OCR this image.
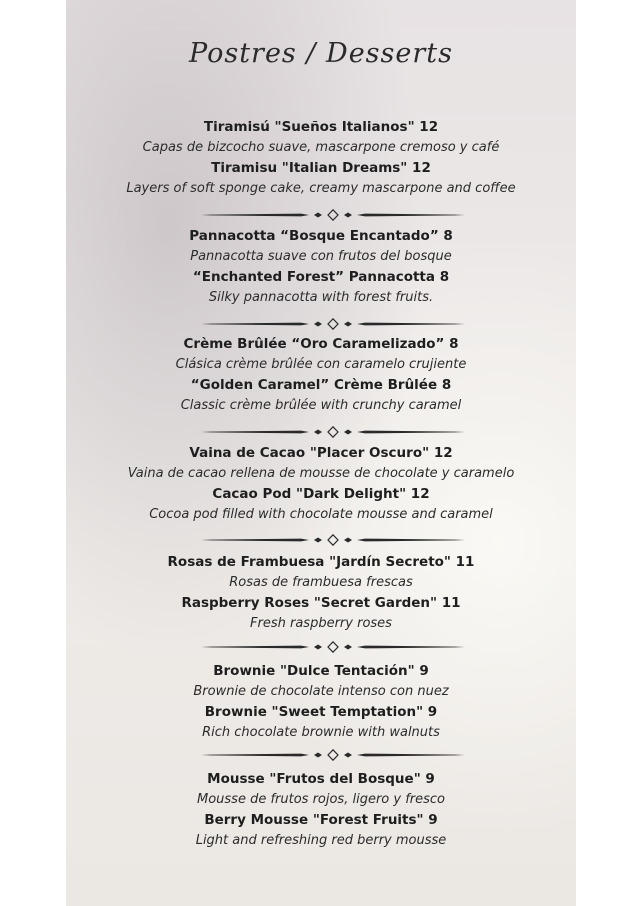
Postres / Desserts
Tiramisú "Sueños Italianos" 12
Capas de bizcocho suave, mascarpone cremoso y café
Tiramisu "Italian Dreams" 12
Layers of soft sponge cake, creamy mascarpone and coffee
Pannacotta “Bosque Encantado” 8
Pannacotta suave con frutos del bosque
“Enchanted Forest” Pannacotta 8
Silky pannacotta with forest fruits.
Crème Brûlée “Oro Caramelizado” 8
Clásica crème brûlée con caramelo crujiente
“Golden Caramel” Crème Brûlée 8
Classic crème brûlée with crunchy caramel
Vaina de Cacao "Placer Oscuro" 12
Vaina de cacao rellena de mousse de chocolate y caramelo
Cacao Pod "Dark Delight" 12
Cocoa pod filled with chocolate mousse and caramel
Rosas de Frambuesa "Jardín Secreto" 11
Rosas de frambuesa frescas
Raspberry Roses "Secret Garden" 11
Fresh raspberry roses
Brownie "Dulce Tentación" 9
Brownie de chocolate intenso con nuez
Brownie "Sweet Temptation" 9
Rich chocolate brownie with walnuts
Mousse "Frutos del Bosque" 9
Mousse de frutos rojos, ligero y fresco
Berry Mousse "Forest Fruits" 9
Light and refreshing red berry mousse
